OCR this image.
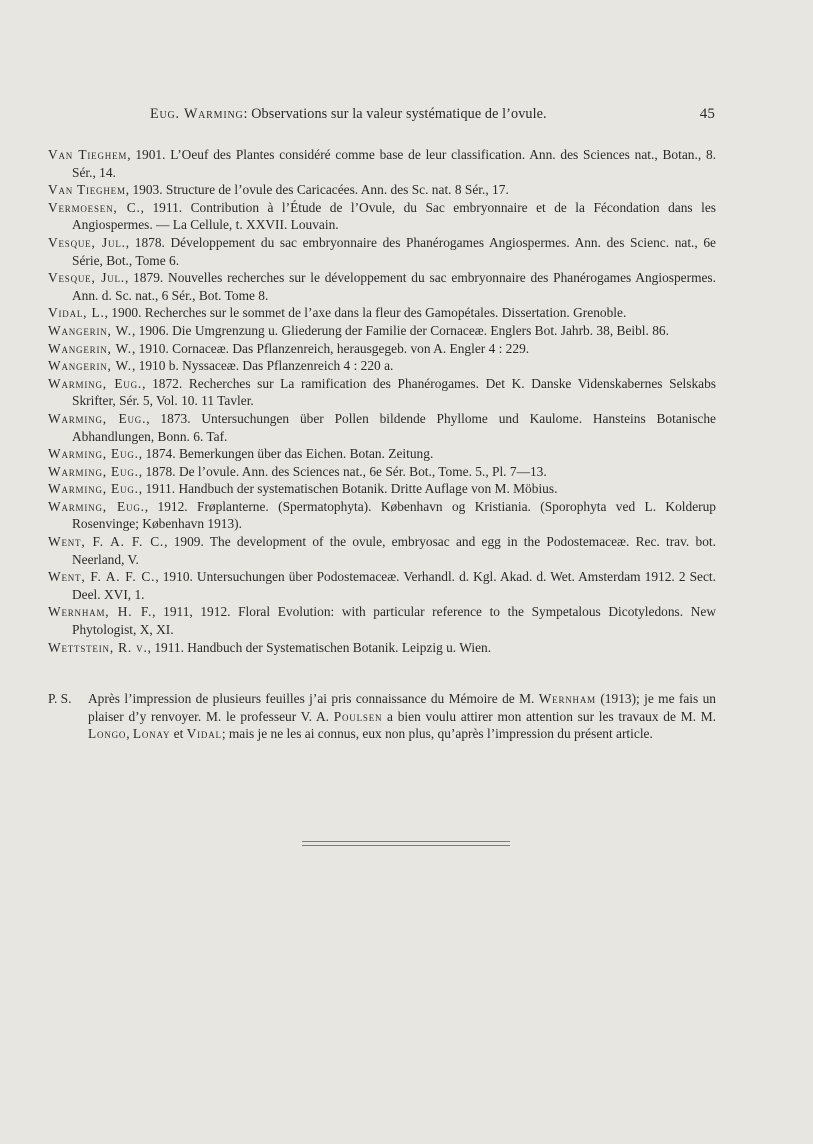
Eug. Warming: Observations sur la valeur systématique de l’ovule.	45

Van Tieghem, 1901. L’Oeuf des Plantes considéré comme base de leur classification. Ann. des Sciences nat., Botan., 8. Sér., 14.

Van Tieghem, 1903. Structure de l’ovule des Caricacées. Ann. des Sc. nat. 8 Sér., 17.

Vermoesen, C., 1911. Contribution à l’Étude de l’Ovule, du Sac embryonnaire et de la Fécondation dans les Angiospermes. — La Cellule, t. XXVII. Louvain.

Vesque, Jul., 1878. Développement du sac embryonnaire des Phanérogames Angiospermes. Ann. des Scienc. nat., 6e Série, Bot., Tome 6.

Vesque, Jul., 1879. Nouvelles recherches sur le développement du sac embryonnaire des Phanérogames Angiospermes. Ann. d. Sc. nat., 6 Sér., Bot. Tome 8.

Vidal, L., 1900. Recherches sur le sommet de l’axe dans la fleur des Gamopétales. Dissertation. Grenoble.

Wangerin, W., 1906. Die Umgrenzung u. Gliederung der Familie der Cornaceæ. Englers Bot. Jahrb. 38, Beibl. 86.

Wangerin, W., 1910. Cornaceæ. Das Pflanzenreich, herausgegeb. von A. Engler 4 : 229.

Wangerin, W., 1910 b. Nyssaceæ. Das Pflanzenreich 4 : 220 a.

Warming, Eug., 1872. Recherches sur La ramification des Phanérogames. Det K. Danske Videnskabernes Selskabs Skrifter, Sér. 5, Vol. 10. 11 Tavler.

Warming, Eug., 1873. Untersuchungen über Pollen bildende Phyllome und Kaulome. Hansteins Botanische Abhandlungen, Bonn. 6. Taf.

Warming, Eug., 1874. Bemerkungen über das Eichen. Botan. Zeitung.

Warming, Eug., 1878. De l’ovule. Ann. des Sciences nat., 6e Sér. Bot., Tome. 5., Pl. 7—13.

Warming, Eug., 1911. Handbuch der systematischen Botanik. Dritte Auflage von M. Möbius.

Warming, Eug., 1912. Frøplanterne. (Spermatophyta). København og Kristiania. (Sporophyta ved L. Kolderup Rosenvinge; København 1913).

Went, F. A. F. C., 1909. The development of the ovule, embryosac and egg in the Podostemaceæ. Rec. trav. bot. Neerland, V.

Went, F. A. F. C., 1910. Untersuchungen über Podostemaceæ. Verhandl. d. Kgl. Akad. d. Wet. Amsterdam 1912. 2 Sect. Deel. XVI, 1.

Wernham, H. F., 1911, 1912. Floral Evolution: with particular reference to the Sympetalous Dicotyledons. New Phytologist, X, XI.

Wettstein, R. v., 1911. Handbuch der Systematischen Botanik. Leipzig u. Wien.

P. S. Après l’impression de plusieurs feuilles j’ai pris connaissance du Mémoire de M. Wernham (1913); je me fais un plaiser d’y renvoyer. M. le professeur V. A. Poulsen a bien voulu attirer mon attention sur les travaux de M. M. Longo, Lonay et Vidal; mais je ne les ai connus, eux non plus, qu’après l’impression du présent article.
